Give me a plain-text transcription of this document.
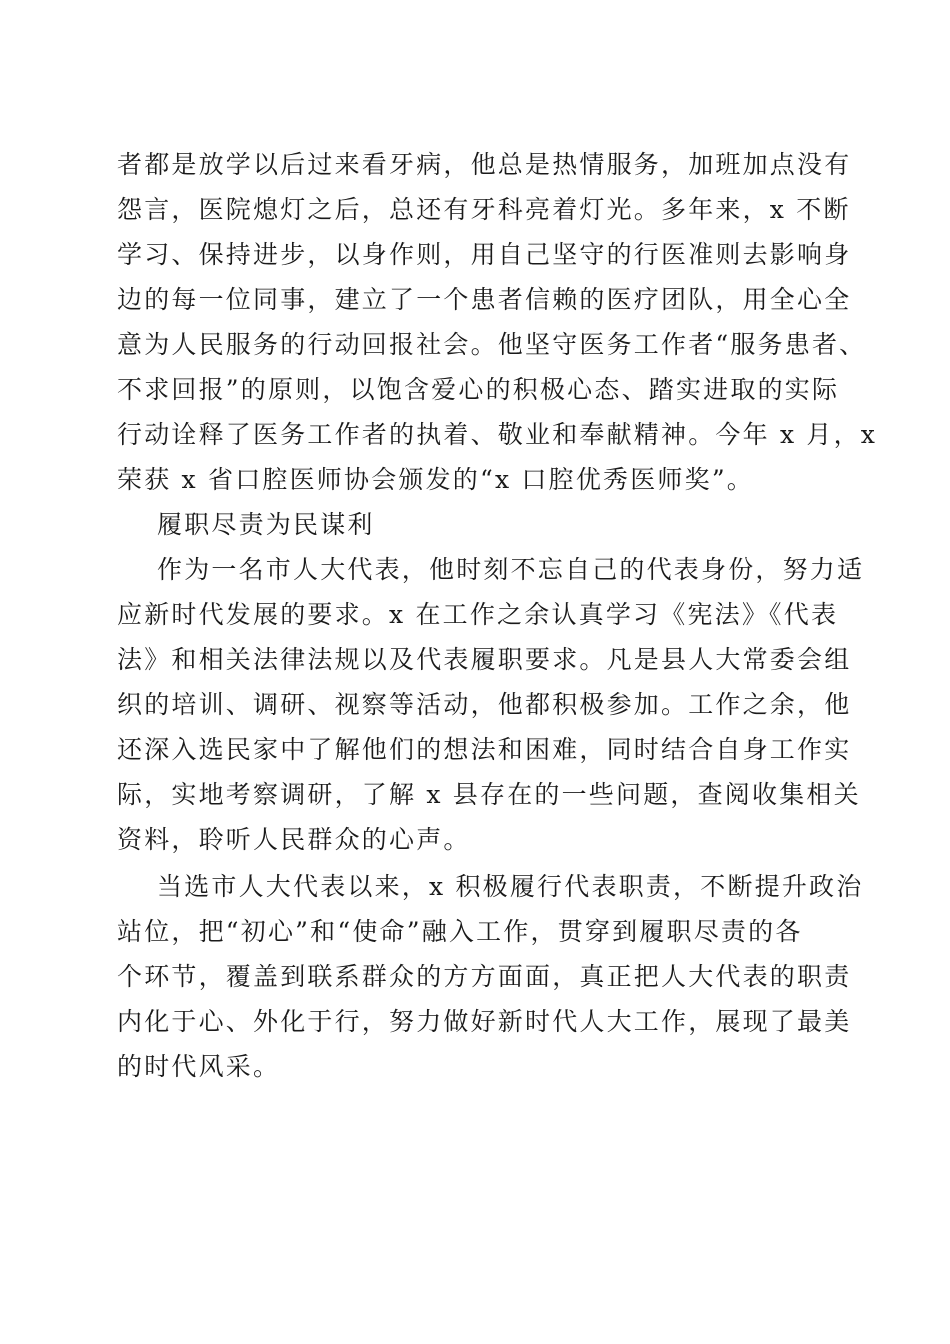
者都是放学以后过来看牙病，他总是热情服务，加班加点没有
怨言，医院熄灯之后，总还有牙科亮着灯光。多年来，x 不断
学习、保持进步，以身作则，用自己坚守的行医准则去影响身
边的每一位同事，建立了一个患者信赖的医疗团队，用全心全
意为人民服务的行动回报社会。他坚守医务工作者“服务患者、
不求回报”的原则，以饱含爱心的积极心态、踏实进取的实际
行动诠释了医务工作者的执着、敬业和奉献精神。今年 x 月，x
荣获 x 省口腔医师协会颁发的“x 口腔优秀医师奖”。
履职尽责为民谋利
作为一名市人大代表，他时刻不忘自己的代表身份，努力适
应新时代发展的要求。x 在工作之余认真学习《宪法》《代表
法》和相关法律法规以及代表履职要求。凡是县人大常委会组
织的培训、调研、视察等活动，他都积极参加。工作之余，他
还深入选民家中了解他们的想法和困难，同时结合自身工作实
际，实地考察调研，了解 x 县存在的一些问题，查阅收集相关
资料，聆听人民群众的心声。
当选市人大代表以来，x 积极履行代表职责，不断提升政治
站位，把“初心”和“使命”融入工作，贯穿到履职尽责的各
个环节，覆盖到联系群众的方方面面，真正把人大代表的职责
内化于心、外化于行，努力做好新时代人大工作，展现了最美
的时代风采。
